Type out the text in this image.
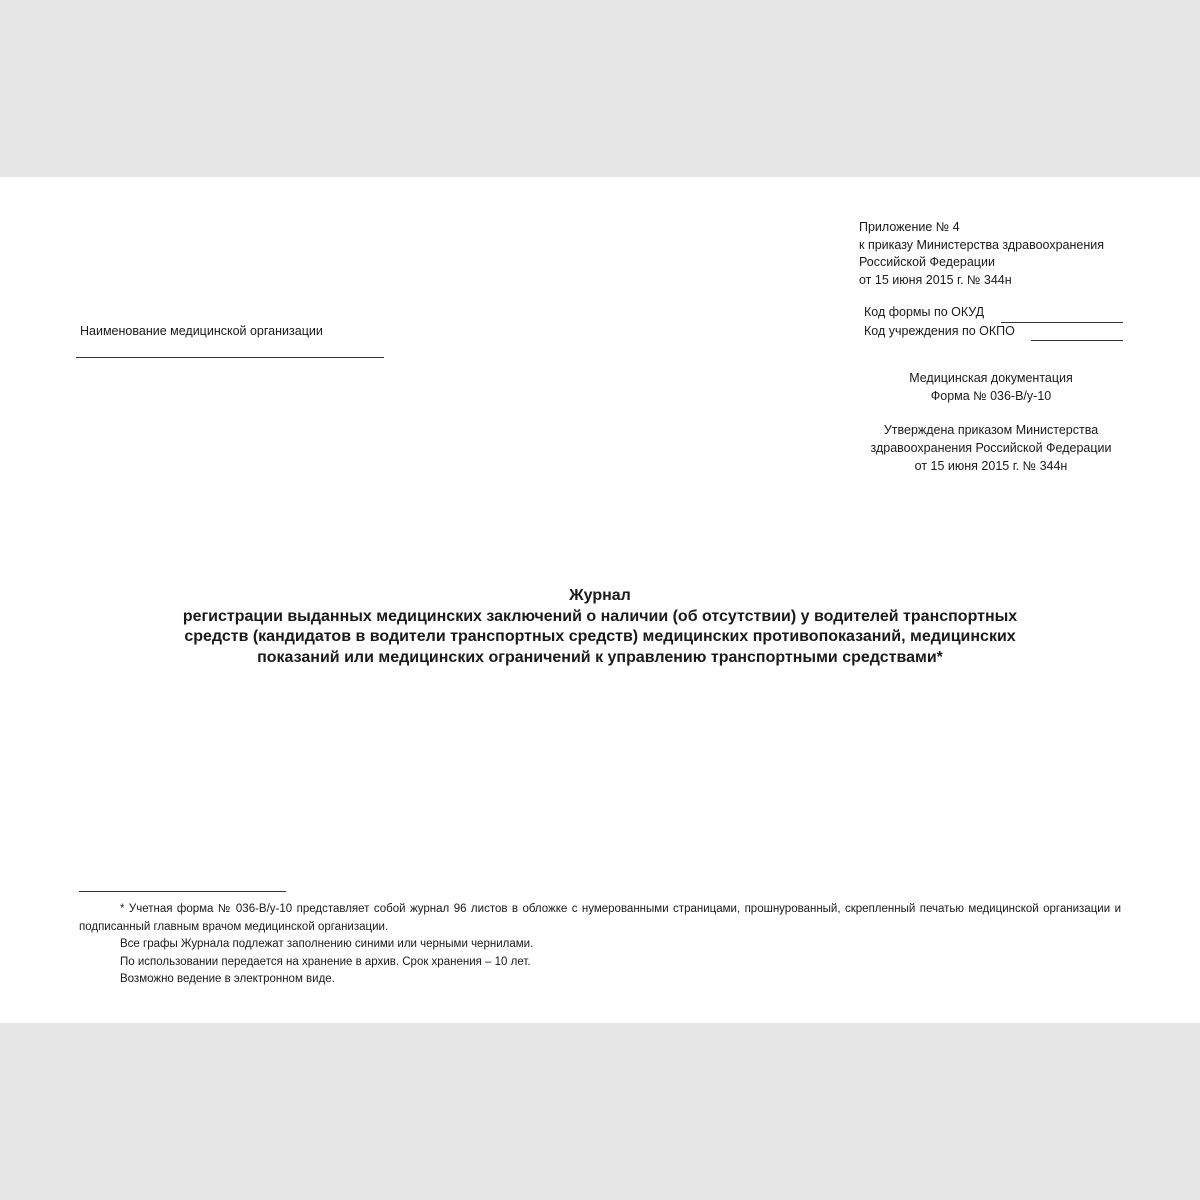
Приложение № 4
к приказу Министерства здравоохранения
Российской Федерации
от 15 июня 2015 г. № 344н
Код формы по ОКУД
Код учреждения по ОКПО
Наименование медицинской организации
Медицинская документация
Форма № 036-В/у-10
Утверждена приказом Министерства
здравоохранения Российской Федерации
от 15 июня 2015 г. № 344н
Журнал
регистрации выданных медицинских заключений о наличии (об отсутствии) у водителей транспортных
средств (кандидатов в водители транспортных средств) медицинских противопоказаний, медицинских
показаний или медицинских ограничений к управлению транспортными средствами*

* Учетная форма № 036-В/у-10 представляет собой журнал 96 листов в обложке с нумерованными страницами, прошнурованный, скрепленный печатью медицинской организации и подписанный главным врачом медицинской организации.

Все графы Журнала подлежат заполнению синими или черными чернилами.

По использовании передается на хранение в архив. Срок хранения – 10 лет.

Возможно ведение в электронном виде.
